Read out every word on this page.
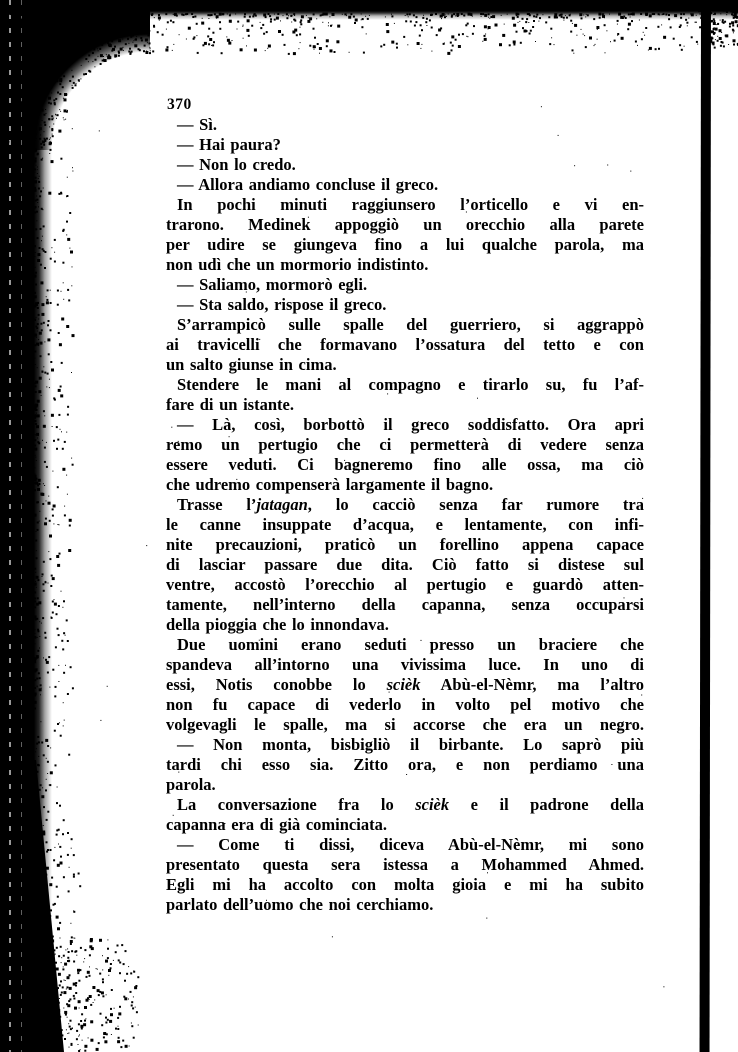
370
— Sì.
— Hai paura?
— Non lo credo.
— Allora andiamo concluse il greco.
In pochi minuti raggiunsero l’orticello e vi en-
trarono. Medinek appoggiò un orecchio alla parete
per udire se giungeva fino a lui qualche parola, ma
non udì che un mormorio indistinto.
— Saliamo, mormorò egli.
— Sta saldo, rispose il greco.
S’arrampicò sulle spalle del guerriero, si aggrappò
ai travicelli che formavano l’ossatura del tetto e con
un salto giunse in cima.
Stendere le mani al compagno e tirarlo su, fu l’af-
fare di un istante.
— Là, così, borbottò il greco soddisfatto. Ora apri
remo un pertugio che ci permetterà di vedere senza
essere veduti. Ci bagneremo fino alle ossa, ma ciò
che udremo compenserà largamente il bagno.
Trasse l’jatagan, lo cacciò senza far rumore tra
le canne insuppate d’acqua, e lentamente, con infi-
nite precauzioni, praticò un forellino appena capace
di lasciar passare due dita. Ciò fatto si distese sul
ventre, accostò l’orecchio al pertugio e guardò atten-
tamente, nell’interno della capanna, senza occuparsi
della pioggia che lo innondava.
Due uomini erano seduti presso un braciere che
spandeva all’intorno una vivissima luce. In uno di
essi, Notis conobbe lo scièk Abù-el-Nèmr, ma l’altro
non fu capace di vederlo in volto pel motivo che
volgevagli le spalle, ma si accorse che era un negro.
— Non monta, bisbigliò il birbante. Lo saprò più
tardi chi esso sia. Zitto ora, e non perdiamo una
parola.
La conversazione fra lo scièk e il padrone della
capanna era di già cominciata.
— Come ti dissi, diceva Abù-el-Nèmr, mi sono
presentato questa sera istessa a Mohammed Ahmed.
Egli mi ha accolto con molta gioia e mi ha subito
parlato dell’uomo che noi cerchiamo.
